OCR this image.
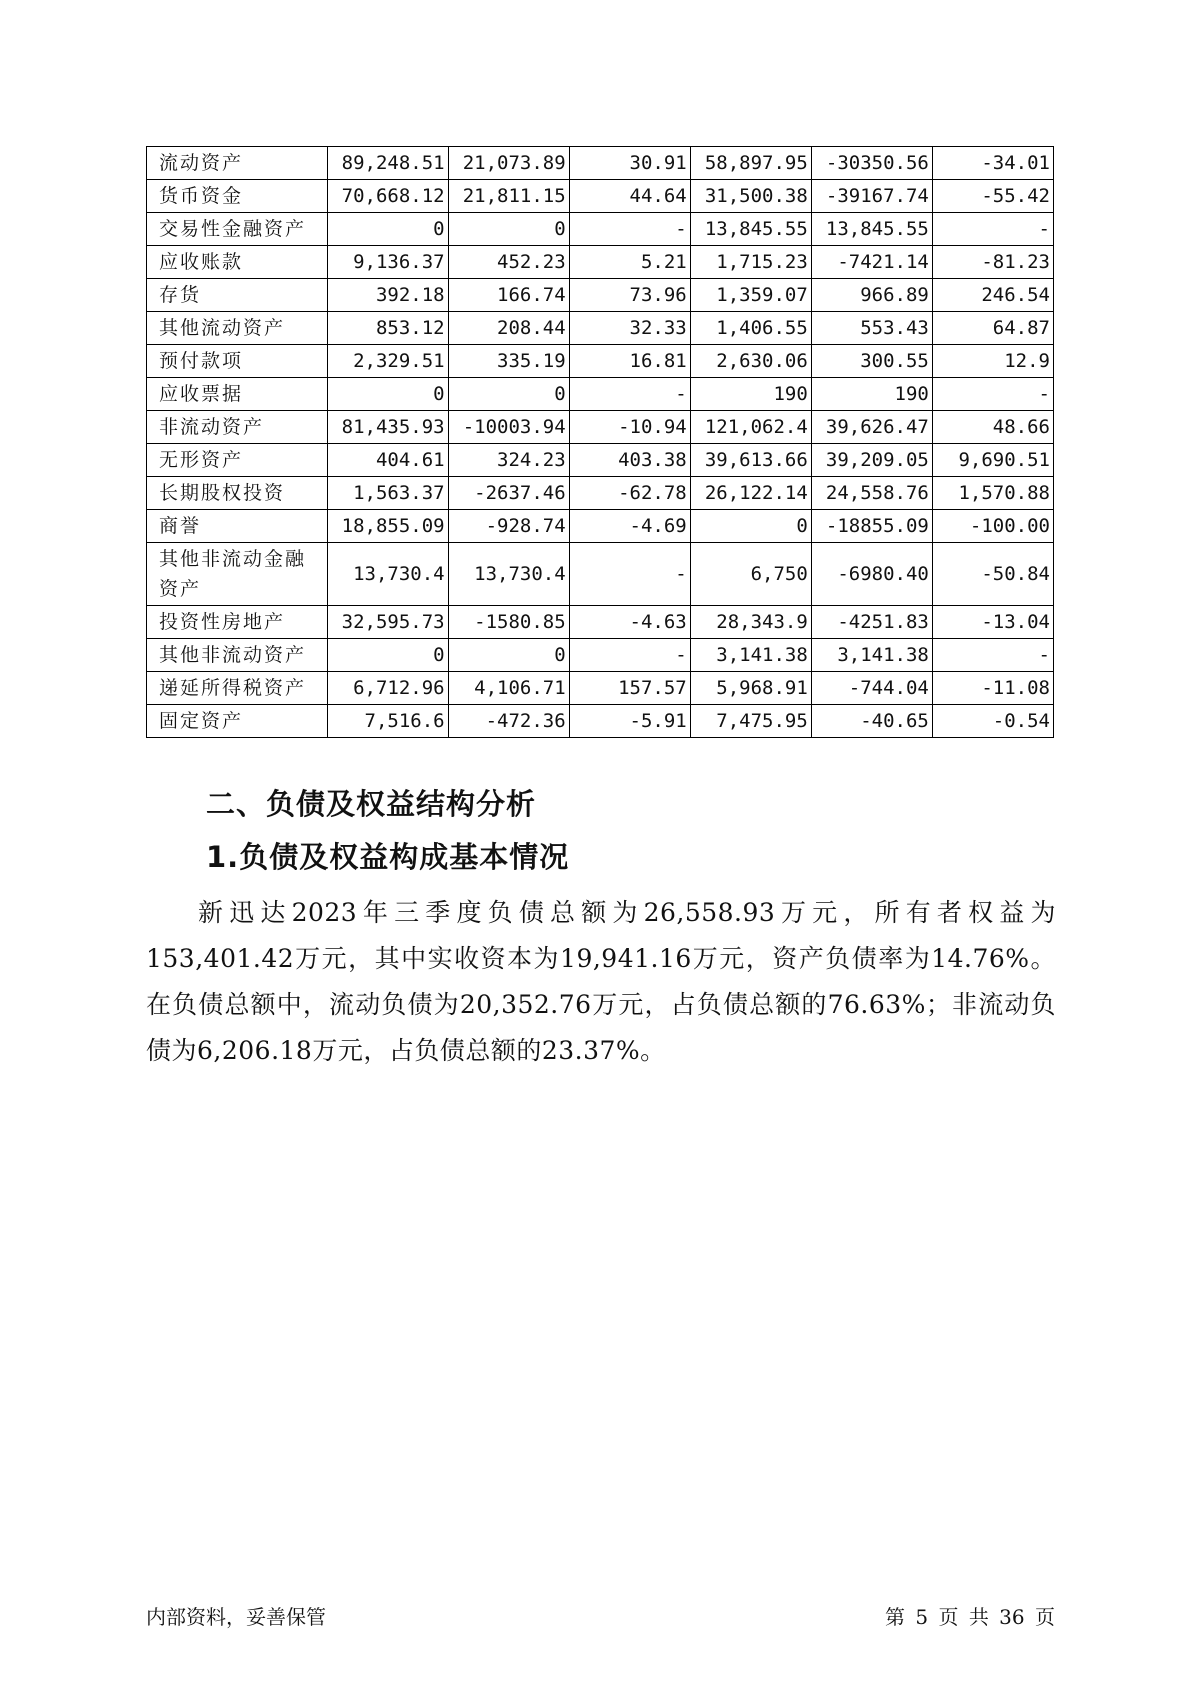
流动资产	89,248.51	21,073.89	30.91	58,897.95	-30350.56	-34.01
货币资金	70,668.12	21,811.15	44.64	31,500.38	-39167.74	-55.42
交易性金融资产	0	0	-	13,845.55	13,845.55	-
应收账款	9,136.37	452.23	5.21	1,715.23	-7421.14	-81.23
存货	392.18	166.74	73.96	1,359.07	966.89	246.54
其他流动资产	853.12	208.44	32.33	1,406.55	553.43	64.87
预付款项	2,329.51	335.19	16.81	2,630.06	300.55	12.9
应收票据	0	0	-	190	190	-
非流动资产	81,435.93	-10003.94	-10.94	121,062.4	39,626.47	48.66
无形资产	404.61	324.23	403.38	39,613.66	39,209.05	9,690.51
长期股权投资	1,563.37	-2637.46	-62.78	26,122.14	24,558.76	1,570.88
商誉	18,855.09	-928.74	-4.69	0	-18855.09	-100.00
其他非流动金融资产	13,730.4	13,730.4	-	6,750	-6980.40	-50.84
投资性房地产	32,595.73	-1580.85	-4.63	28,343.9	-4251.83	-13.04
其他非流动资产	0	0	-	3,141.38	3,141.38	-
递延所得税资产	6,712.96	4,106.71	157.57	5,968.91	-744.04	-11.08
固定资产	7,516.6	-472.36	-5.91	7,475.95	-40.65	-0.54
二、负债及权益结构分析
1.负债及权益构成基本情况
新迅达2023年三季度负债总额为26,558.93万元，所有者权益为153,401.42万元，其中实收资本为19,941.16万元，资产负债率为14.76%。在负债总额中，流动负债为20,352.76万元，占负债总额的76.63%；非流动负债为6,206.18万元，占负债总额的23.37%。
内部资料，妥善保管	第 5 页 共 36 页
